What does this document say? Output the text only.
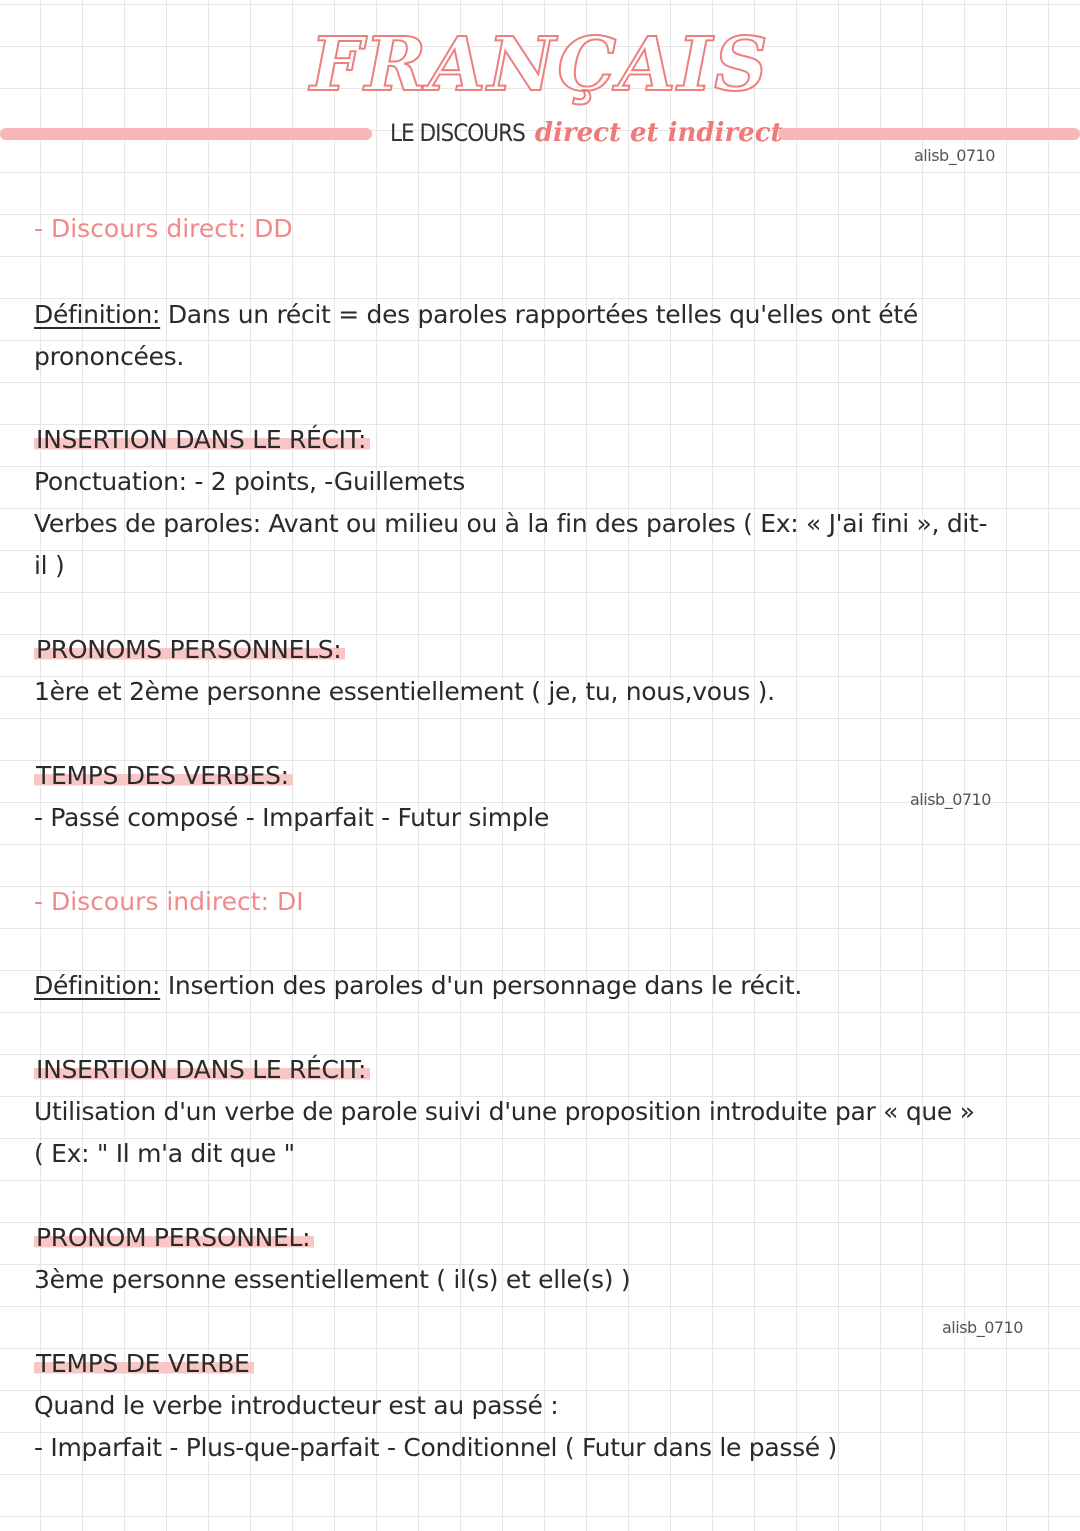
FRANÇAIS
LE DISCOURS direct et indirect
alisb_0710
- Discours direct: DD
Définition: Dans un récit = des paroles rapportées telles qu'elles ont été
prononcées.
INSERTION DANS LE RÉCIT:
Ponctuation: - 2 points, -Guillemets
Verbes de paroles: Avant ou milieu ou à la fin des paroles ( Ex: « J'ai fini », dit-
il )
PRONOMS PERSONNELS:
1ère et 2ème personne essentiellement ( je, tu, nous,vous ).
TEMPS DES VERBES:
- Passé composé - Imparfait - Futur simple
alisb_0710
- Discours indirect: DI
Définition: Insertion des paroles d'un personnage dans le récit.
INSERTION DANS LE RÉCIT:
Utilisation d'un verbe de parole suivi d'une proposition introduite par « que »
( Ex: " Il m'a dit que "
PRONOM PERSONNEL:
3ème personne essentiellement ( il(s) et elle(s) )
alisb_0710
TEMPS DE VERBE
Quand le verbe introducteur est au passé :
- Imparfait - Plus-que-parfait - Conditionnel ( Futur dans le passé )
